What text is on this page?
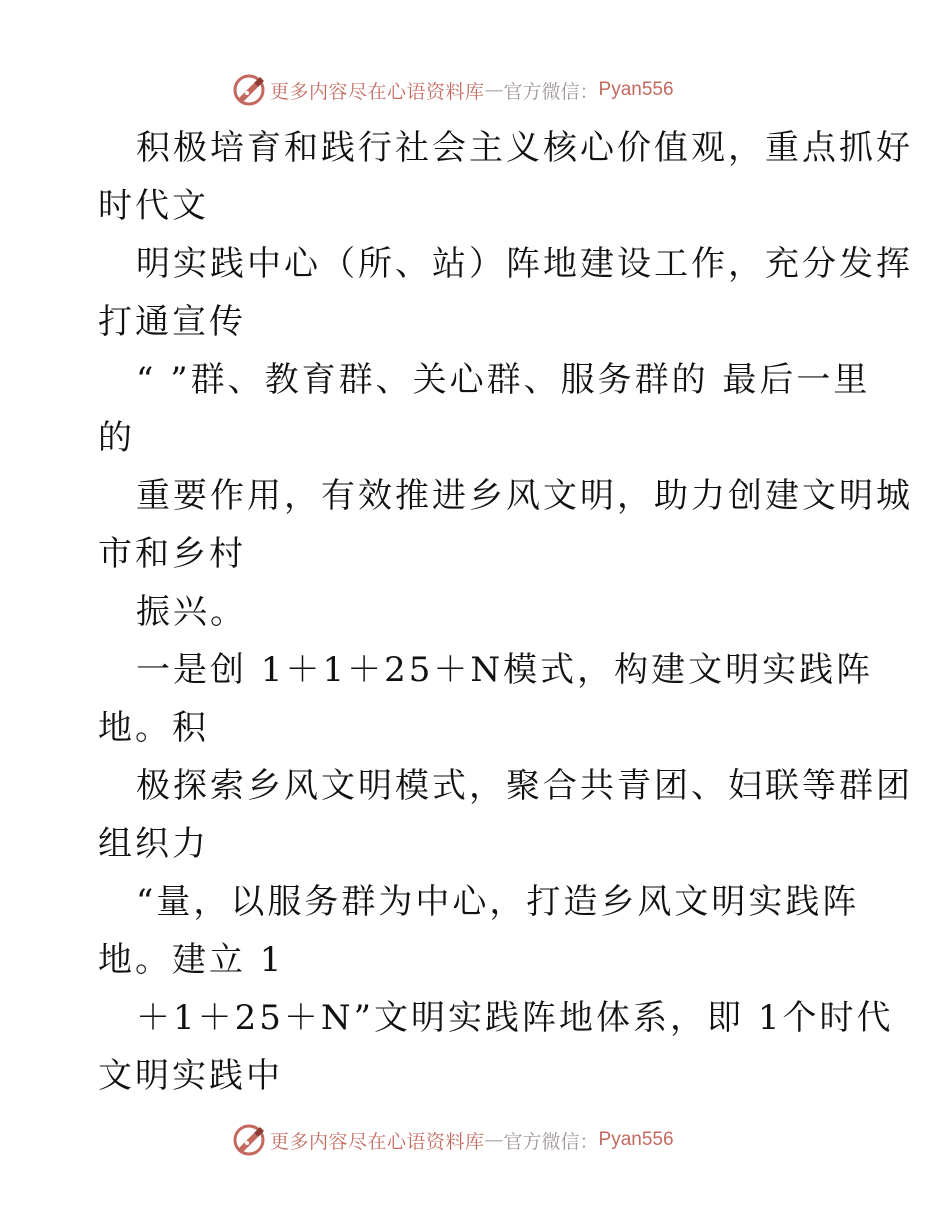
更多内容尽在心语资料库 — 官方微信： Pyan556
积极培育和践行社会主义核心价值观，重点抓好
时代文
明实践中心（所、站）阵地建设工作，充分发挥
打通宣传
“ ”群、教育群、关心群、服务群的 最后一里
的
重要作用，有效推进乡风文明，助力创建文明城
市和乡村
振兴。
一是创 1＋1＋25＋N模式，构建文明实践阵
地。积
极探索乡风文明模式，聚合共青团、妇联等群团
组织力
“量，以服务群为中心，打造乡风文明实践阵
地。建立 1
＋1＋25＋N”文明实践阵地体系，即 1个时代
文明实践中
更多内容尽在心语资料库 — 官方微信： Pyan556
